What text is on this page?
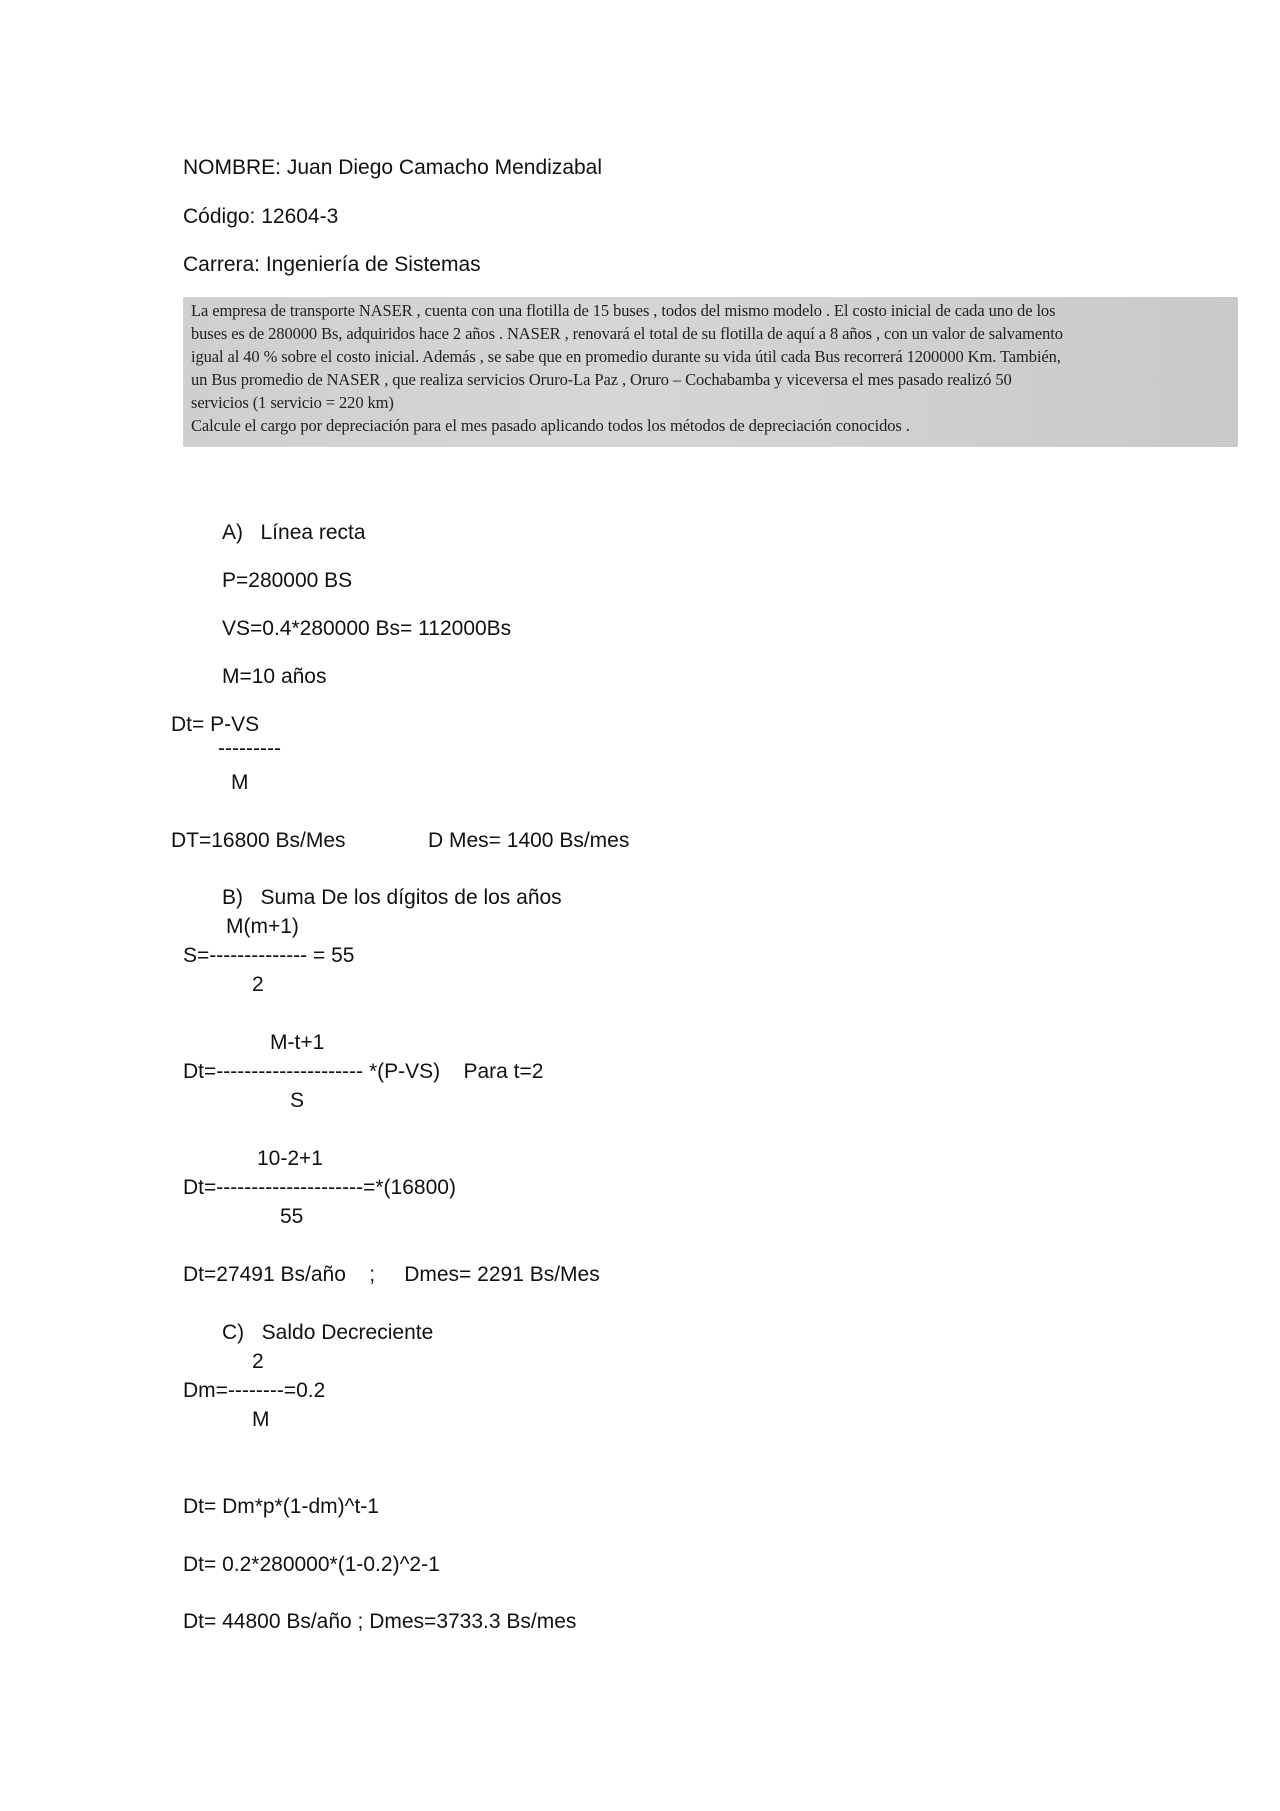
NOMBRE: Juan Diego Camacho Mendizabal
Código: 12604-3
Carrera: Ingeniería de Sistemas

La empresa de transporte NASER , cuenta con una flotilla de 15 buses , todos del mismo modelo . El costo inicial de cada uno de los

buses es de 280000 Bs, adquiridos hace 2 años . NASER , renovará el total de su flotilla de aquí a 8 años , con un valor de salvamento

igual al 40 % sobre el costo inicial. Además , se sabe que en promedio durante su vida útil cada Bus recorrerá 1200000 Km. También,

un Bus promedio de NASER , que realiza servicios Oruro-La Paz , Oruro – Cochabamba y viceversa el mes pasado realizó 50

servicios (1 servicio = 220 km)

Calcule el cargo por depreciación para el mes pasado aplicando todos los métodos de depreciación conocidos .

A)   Línea recta
P=280000 BS
VS=0.4*280000 Bs= 112000Bs
M=10 años
Dt= P-VS
---------
M
DT=16800 Bs/Mes	D Mes= 1400 Bs/mes
B)   Suma De los dígitos de los años
M(m+1)
S=-------------- = 55
2
M-t+1
Dt=--------------------- *(P-VS)    Para t=2
S
10-2+1
Dt=---------------------=*(16800)
55
Dt=27491 Bs/año    ;     Dmes= 2291 Bs/Mes
C)   Saldo Decreciente
2
Dm=--------=0.2
M
Dt= Dm*p*(1-dm)^t-1
Dt= 0.2*280000*(1-0.2)^2-1
Dt= 44800 Bs/año ; Dmes=3733.3 Bs/mes
